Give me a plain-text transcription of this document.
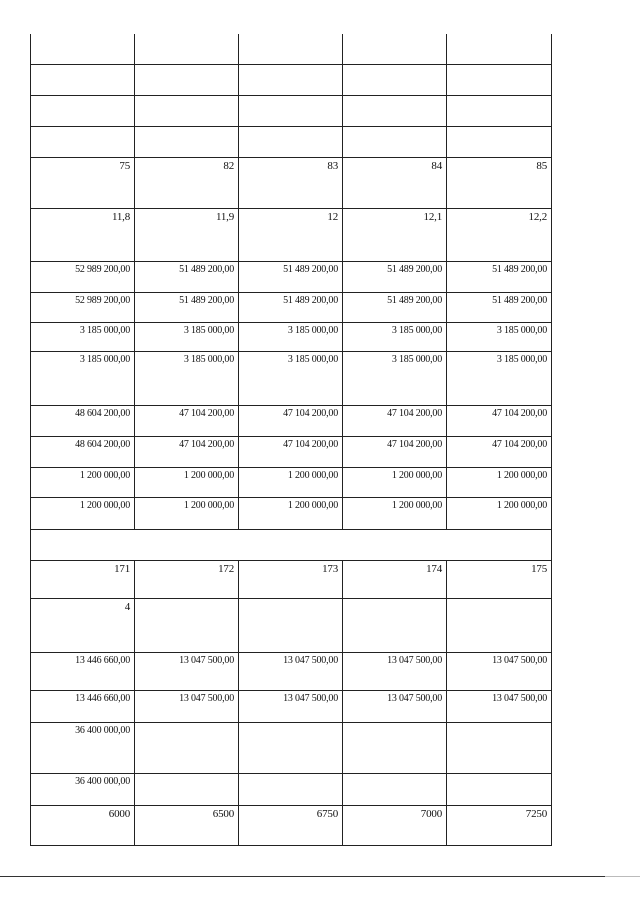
75	82	83	84	85
11,8	11,9	12	12,1	12,2
52 989 200,00	51 489 200,00	51 489 200,00	51 489 200,00	51 489 200,00
52 989 200,00	51 489 200,00	51 489 200,00	51 489 200,00	51 489 200,00
3 185 000,00	3 185 000,00	3 185 000,00	3 185 000,00	3 185 000,00
3 185 000,00	3 185 000,00	3 185 000,00	3 185 000,00	3 185 000,00
48 604 200,00	47 104 200,00	47 104 200,00	47 104 200,00	47 104 200,00
48 604 200,00	47 104 200,00	47 104 200,00	47 104 200,00	47 104 200,00
1 200 000,00	1 200 000,00	1 200 000,00	1 200 000,00	1 200 000,00
1 200 000,00	1 200 000,00	1 200 000,00	1 200 000,00	1 200 000,00
171	172	173	174	175
4
13 446 660,00	13 047 500,00	13 047 500,00	13 047 500,00	13 047 500,00
13 446 660,00	13 047 500,00	13 047 500,00	13 047 500,00	13 047 500,00
36 400 000,00
36 400 000,00
6000	6500	6750	7000	7250
